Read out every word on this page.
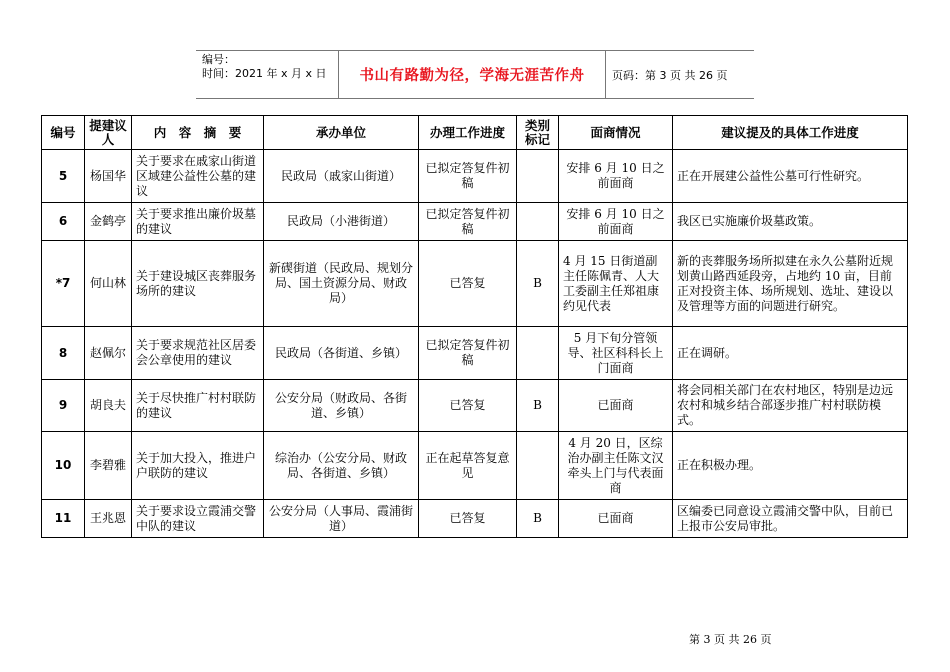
编号：
时间：2021 年 x 月 x 日	书山有路勤为径，学海无涯苦作舟	页码：第 3 页 共 26 页
编号	提建议人	内　容　摘　要	承办单位	办理工作进度	类别标记	面商情况	建议提及的具体工作进度
5	杨国华	关于要求在戚家山街道区域建公益性公墓的建议	民政局（戚家山街道）	已拟定答复件初稿		安排 6 月 10 日之前面商	正在开展建公益性公墓可行性研究。
6	金鹤亭	关于要求推出廉价圾墓的建议	民政局（小港街道）	已拟定答复件初稿		安排 6 月 10 日之前面商	我区已实施廉价圾墓政策。
*7	何山林	关于建设城区丧葬服务场所的建议	新碶街道（民政局、规划分局、国土资源分局、财政局）	已答复	B	4 月 15 日街道副主任陈佩青、人大工委副主任郑祖康约见代表	新的丧葬服务场所拟建在永久公墓附近规划黄山路西延段旁，占地约 10 亩，目前正对投资主体、场所规划、选址、建设以及管理等方面的问题进行研究。
8	赵佩尔	关于要求规范社区居委会公章使用的建议	民政局（各街道、乡镇）	已拟定答复件初稿		5 月下旬分管领导、社区科科长上门面商	正在调研。
9	胡良夫	关于尽快推广村村联防的建议	公安分局（财政局、各街道、乡镇）	已答复	B	已面商	将会同相关部门在农村地区，特别是边远农村和城乡结合部逐步推广村村联防模式。
10	李碧雅	关于加大投入，推进户户联防的建议	综治办（公安分局、财政局、各街道、乡镇）	正在起草答复意见		4 月 20 日，区综治办副主任陈文汉牵头上门与代表面商	正在积极办理。
11	王兆恩	关于要求设立霞浦交警中队的建议	公安分局（人事局、霞浦街道）	已答复	B	已面商	区编委已同意设立霞浦交警中队，目前已上报市公安局审批。
第 3 页 共 26 页
